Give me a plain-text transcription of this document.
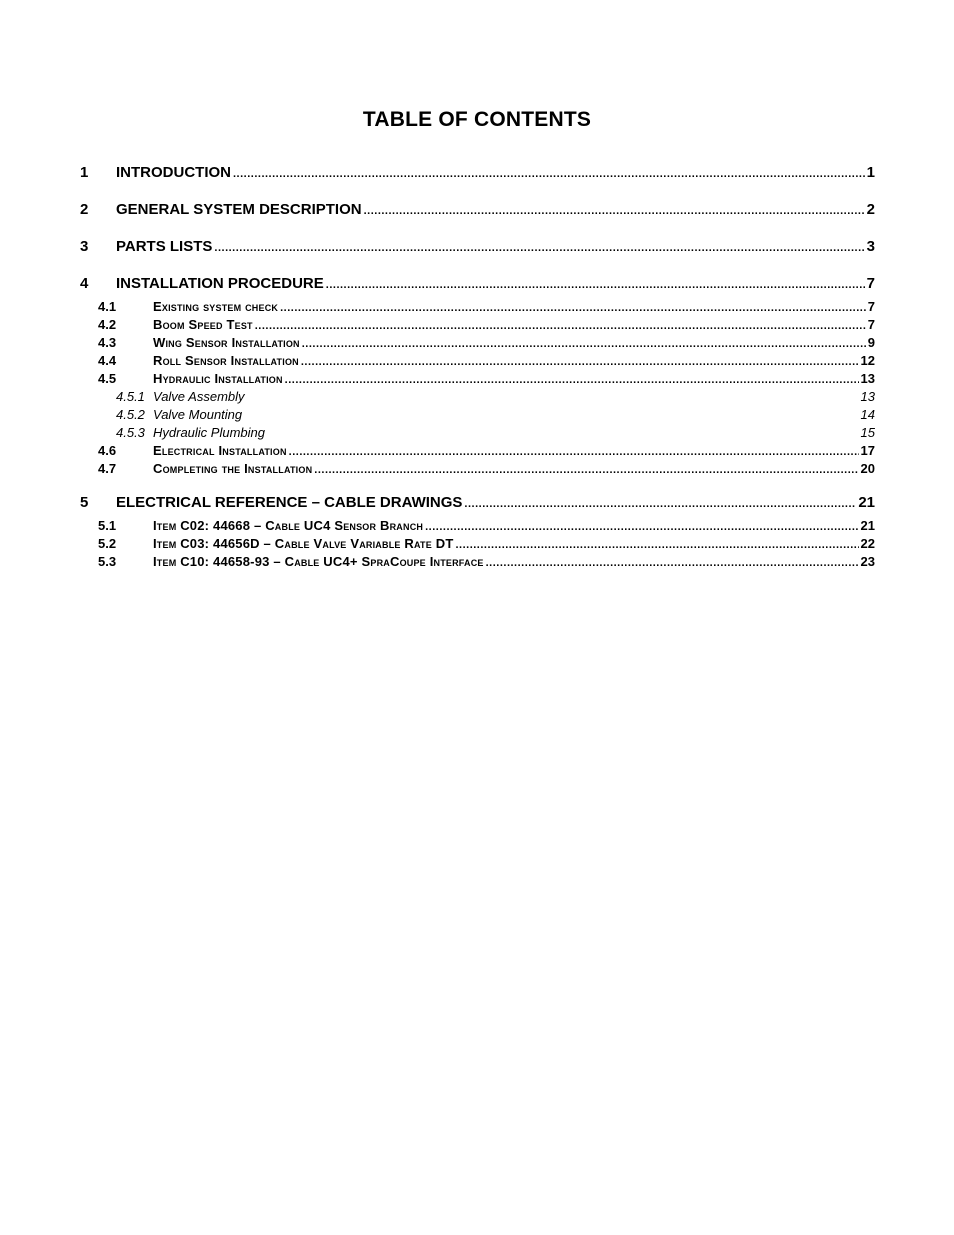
TABLE OF CONTENTS
1	INTRODUCTION .....	1
2	GENERAL SYSTEM DESCRIPTION .....	2
3	PARTS LISTS .....	3
4	INSTALLATION PROCEDURE .....	7
4.1	Existing system check .....	7
4.2	Boom Speed Test .....	7
4.3	Wing Sensor Installation .....	9
4.4	Roll Sensor Installation .....	12
4.5	Hydraulic Installation .....	13
4.5.1 Valve Assembly	13
4.5.2 Valve Mounting	14
4.5.3 Hydraulic Plumbing	15
4.6	Electrical Installation .....	17
4.7	Completing the Installation .....	20
5	ELECTRICAL REFERENCE – CABLE DRAWINGS .....	21
5.1	Item C02: 44668 – Cable UC4 Sensor Branch .....	21
5.2	Item C03: 44656D – Cable Valve Variable Rate DT .....	22
5.3	Item C10: 44658-93 – Cable UC4+ SpraCoupe Interface .....	23
